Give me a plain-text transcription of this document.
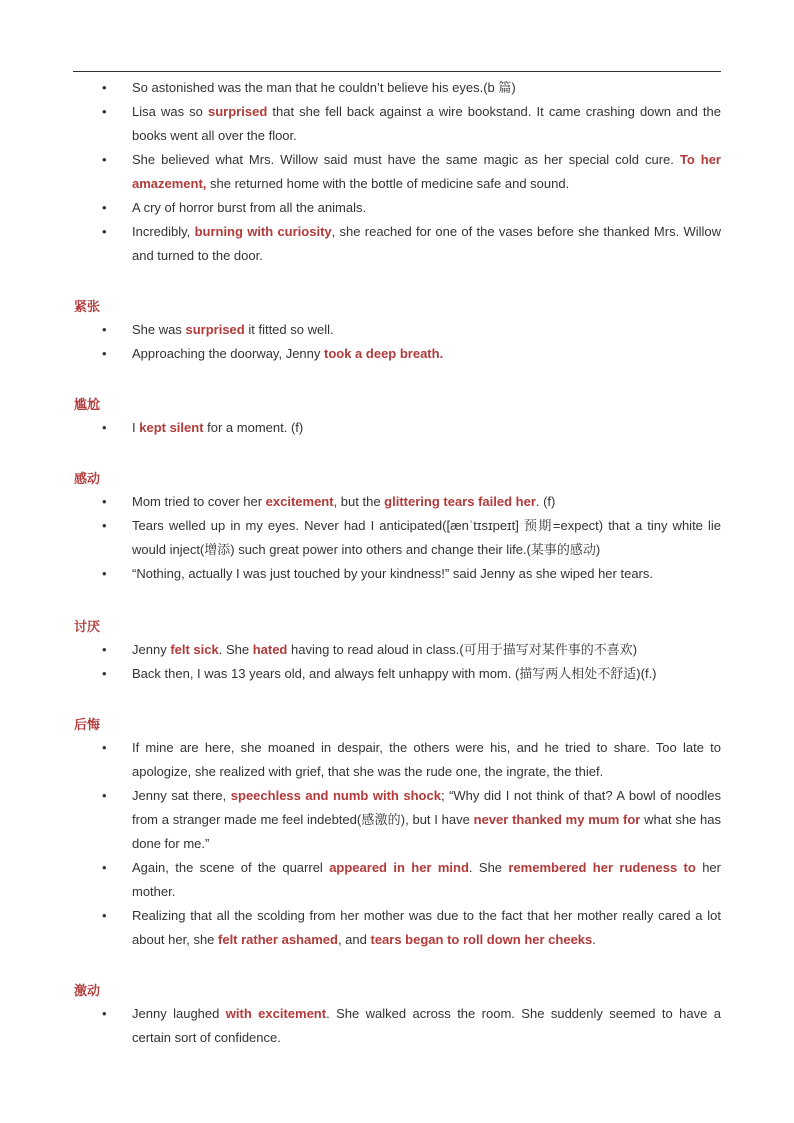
• So astonished was the man that he couldn’t believe his eyes.(b 篇)
• Lisa was so surprised that she fell back against a wire bookstand. It came crashing down and the books went all over the floor.
• She believed what Mrs. Willow said must have the same magic as her special cold cure. To her amazement, she returned home with the bottle of medicine safe and sound.
• A cry of horror burst from all the animals.
• Incredibly, burning with curiosity, she reached for one of the vases before she thanked Mrs. Willow and turned to the door.
紧张
• She was surprised it fitted so well.
• Approaching the doorway, Jenny took a deep breath.
尴尬
• I kept silent for a moment. (f)
感动
• Mom tried to cover her excitement, but the glittering tears failed her. (f)
• Tears welled up in my eyes. Never had I anticipated([ænˈtɪsɪpeɪt] 预期=expect) that a tiny white lie would inject(增添) such great power into others and change their life.(某事的感动)
• “Nothing, actually I was just touched by your kindness!” said Jenny as she wiped her tears.
讨厌
• Jenny felt sick. She hated having to read aloud in class.(可用于描写对某件事的不喜欢)
• Back then, I was 13 years old, and always felt unhappy with mom. (描写两人相处不舒适)(f.)
后悔
• If mine are here, she moaned in despair, the others were his, and he tried to share. Too late to apologize, she realized with grief, that she was the rude one, the ingrate, the thief.
• Jenny sat there, speechless and numb with shock; “Why did I not think of that? A bowl of noodles from a stranger made me feel indebted(感激的), but I have never thanked my mum for what she has done for me.”
• Again, the scene of the quarrel appeared in her mind. She remembered her rudeness to her mother.
• Realizing that all the scolding from her mother was due to the fact that her mother really cared a lot about her, she felt rather ashamed, and tears began to roll down her cheeks.
激动
• Jenny laughed with excitement. She walked across the room. She suddenly seemed to have a certain sort of confidence.
